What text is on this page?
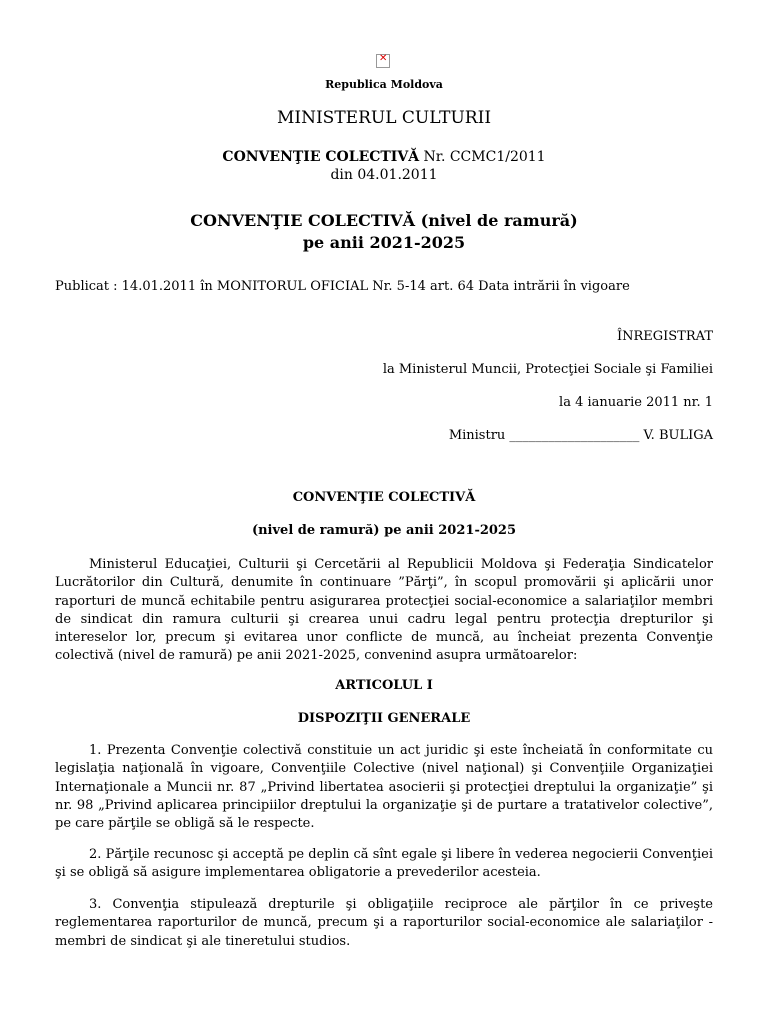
✕
Republica Moldova
MINISTERUL CULTURII
CONVENŢIE COLECTIVĂ Nr. CCMC1/2011
din 04.01.2011
CONVENŢIE COLECTIVĂ (nivel de ramură)
pe anii 2021-2025
Publicat : 14.01.2011 în MONITORUL OFICIAL Nr. 5-14 art. 64 Data intrării în vigoare
ÎNREGISTRAT
la Ministerul Muncii, Protecţiei Sociale şi Familiei
la 4 ianuarie 2011 nr. 1
Ministru ____________________ V. BULIGA
CONVENŢIE COLECTIVĂ
(nivel de ramură) pe anii 2021-2025
Ministerul Educaţiei, Culturii şi Cercetării al Republicii Moldova şi Federaţia Sindicatelor Lucrătorilor din Cultură, denumite în continuare ”Părţi”, în scopul promovării şi aplicării unor raporturi de muncă echitabile pentru asigurarea protecţiei social-economice a salariaţilor membri de sindicat din ramura culturii şi crearea unui cadru legal pentru protecţia drepturilor şi intereselor lor, precum şi evitarea unor conflicte de muncă, au încheiat prezenta Convenţie colectivă (nivel de ramură) pe anii 2021-2025, convenind asupra următoarelor:
ARTICOLUL I
DISPOZIŢII GENERALE
1. Prezenta Convenţie colectivă constituie un act juridic şi este încheiată în conformitate cu legislaţia naţională în vigoare, Convenţiile Colective (nivel naţional) şi Convenţiile Organizaţiei Internaţionale a Muncii nr. 87 „Privind libertatea asocierii şi protecţiei dreptului la organizaţie” şi nr. 98 „Privind aplicarea principiilor dreptului la organizaţie şi de purtare a tratativelor colective”, pe care părţile se obligă să le respecte.
2. Părţile recunosc şi acceptă pe deplin că sînt egale şi libere în vederea negocierii Convenţiei şi se obligă să asigure implementarea obligatorie a prevederilor acesteia.
3. Convenţia stipulează drepturile şi obligaţiile reciproce ale părţilor în ce priveşte reglementarea raporturilor de muncă, precum şi a raporturilor social-economice ale salariaţilor - membri de sindicat şi ale tineretului studios.
